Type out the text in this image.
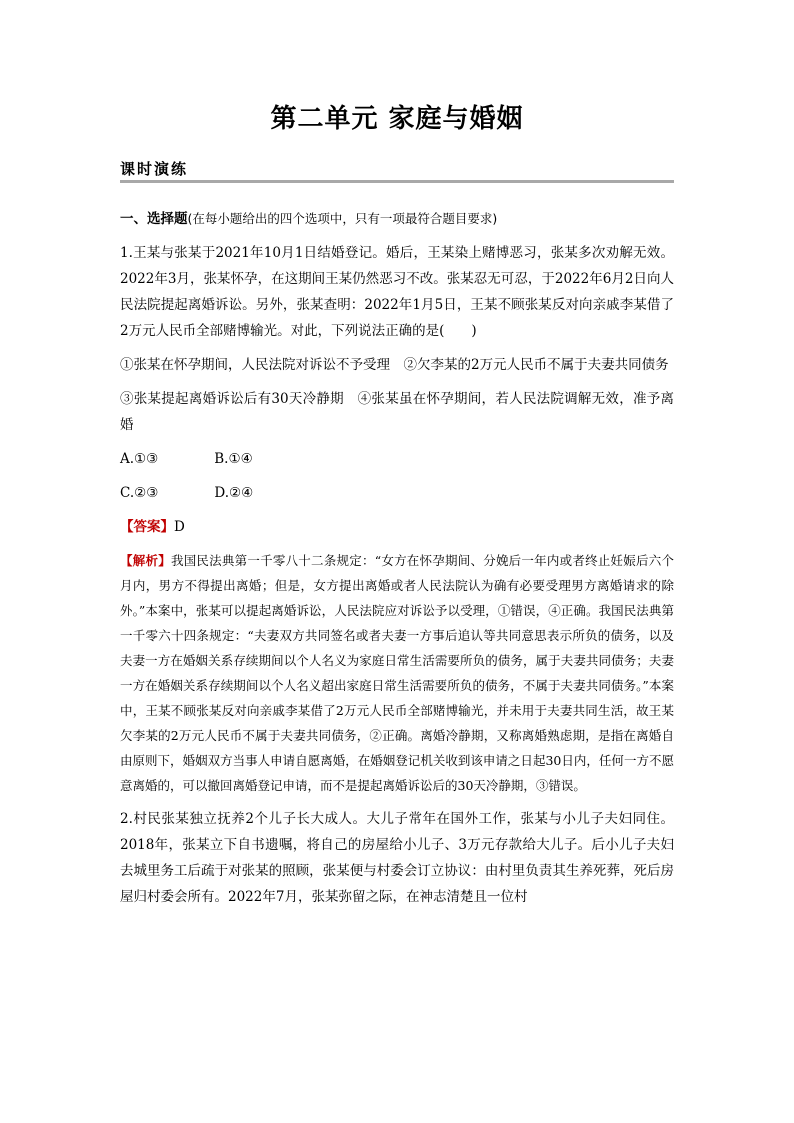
第二单元 家庭与婚姻
课时演练

一、选择题(在每小题给出的四个选项中，只有一项最符合题目要求)

1.王某与张某于2021年10月1日结婚登记。婚后，王某染上赌博恶习，张某多次劝解无效。2022年3月，张某怀孕，在这期间王某仍然恶习不改。张某忍无可忍，于2022年6月2日向人民法院提起离婚诉讼。另外，张某查明：2022年1月5日，王某不顾张某反对向亲戚李某借了2万元人民币全部赌博输光。对此，下列说法正确的是(　　)

①张某在怀孕期间，人民法院对诉讼不予受理　②欠李某的2万元人民币不属于夫妻共同债务

③张某提起离婚诉讼后有30天冷静期　④张某虽在怀孕期间，若人民法院调解无效，准予离婚

A.①③	B.①④

C.②③	D.②④

【答案】D

【解析】我国民法典第一千零八十二条规定：“女方在怀孕期间、分娩后一年内或者终止妊娠后六个月内，男方不得提出离婚；但是，女方提出离婚或者人民法院认为确有必要受理男方离婚请求的除外。”本案中，张某可以提起离婚诉讼，人民法院应对诉讼予以受理，①错误，④正确。我国民法典第一千零六十四条规定：“夫妻双方共同签名或者夫妻一方事后追认等共同意思表示所负的债务，以及夫妻一方在婚姻关系存续期间以个人名义为家庭日常生活需要所负的债务，属于夫妻共同债务；夫妻一方在婚姻关系存续期间以个人名义超出家庭日常生活需要所负的债务，不属于夫妻共同债务。”本案中，王某不顾张某反对向亲戚李某借了2万元人民币全部赌博输光，并未用于夫妻共同生活，故王某欠李某的2万元人民币不属于夫妻共同债务，②正确。离婚冷静期，又称离婚熟虑期，是指在离婚自由原则下，婚姻双方当事人申请自愿离婚，在婚姻登记机关收到该申请之日起30日内，任何一方不愿意离婚的，可以撤回离婚登记申请，而不是提起离婚诉讼后的30天冷静期，③错误。

2.村民张某独立抚养2个儿子长大成人。大儿子常年在国外工作，张某与小儿子夫妇同住。2018年，张某立下自书遗嘱，将自己的房屋给小儿子、3万元存款给大儿子。后小儿子夫妇去城里务工后疏于对张某的照顾，张某便与村委会订立协议：由村里负责其生养死葬，死后房屋归村委会所有。2022年7月，张某弥留之际，在神志清楚且一位村
